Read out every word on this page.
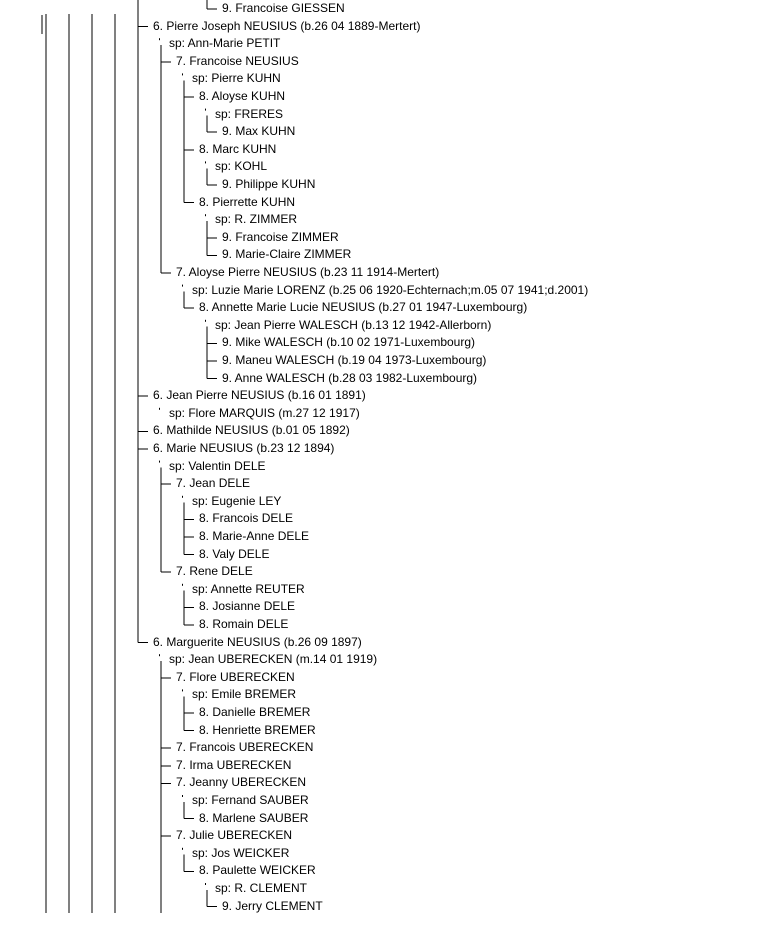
9. Francoise GIESSEN
6. Pierre Joseph NEUSIUS (b.26 04 1889-Mertert)
sp: Ann-Marie PETIT
7. Francoise NEUSIUS
sp: Pierre KUHN
8. Aloyse KUHN
sp: FRERES
9. Max KUHN
8. Marc KUHN
sp: KOHL
9. Philippe KUHN
8. Pierrette KUHN
sp: R. ZIMMER
9. Francoise ZIMMER
9. Marie-Claire ZIMMER
7. Aloyse Pierre NEUSIUS (b.23 11 1914-Mertert)
sp: Luzie Marie LORENZ (b.25 06 1920-Echternach;m.05 07 1941;d.2001)
8. Annette Marie Lucie NEUSIUS (b.27 01 1947-Luxembourg)
sp: Jean Pierre WALESCH (b.13 12 1942-Allerborn)
9. Mike WALESCH (b.10 02 1971-Luxembourg)
9. Maneu WALESCH (b.19 04 1973-Luxembourg)
9. Anne WALESCH (b.28 03 1982-Luxembourg)
6. Jean Pierre NEUSIUS (b.16 01 1891)
sp: Flore MARQUIS (m.27 12 1917)
6. Mathilde NEUSIUS (b.01 05 1892)
6. Marie NEUSIUS (b.23 12 1894)
sp: Valentin DELE
7. Jean DELE
sp: Eugenie LEY
8. Francois DELE
8. Marie-Anne DELE
8. Valy DELE
7. Rene DELE
sp: Annette REUTER
8. Josianne DELE
8. Romain DELE
6. Marguerite NEUSIUS (b.26 09 1897)
sp: Jean UBERECKEN (m.14 01 1919)
7. Flore UBERECKEN
sp: Emile BREMER
8. Danielle BREMER
8. Henriette BREMER
7. Francois UBERECKEN
7. Irma UBERECKEN
7. Jeanny UBERECKEN
sp: Fernand SAUBER
8. Marlene SAUBER
7. Julie UBERECKEN
sp: Jos WEICKER
8. Paulette WEICKER
sp: R. CLEMENT
9. Jerry CLEMENT
